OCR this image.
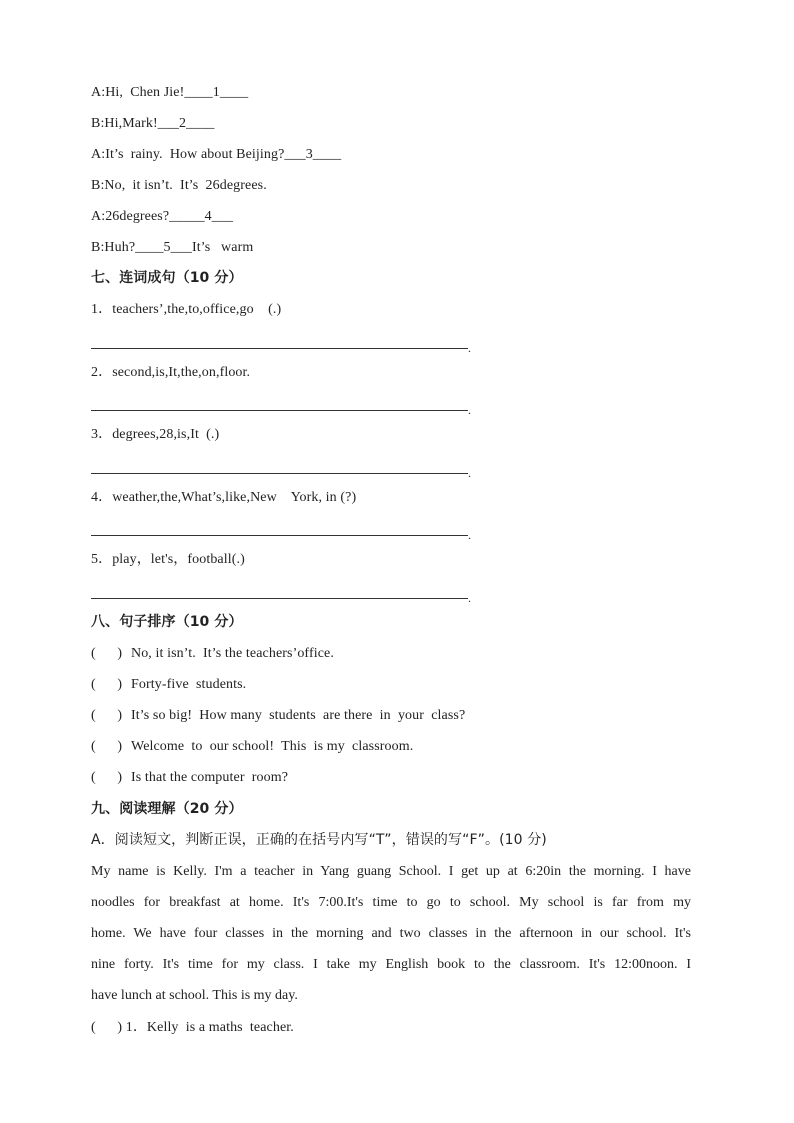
A:Hi,  Chen Jie!____1____
B:Hi,Mark!___2____
A:It’s  rainy.  How about Beijing?___3____
B:No,  it isn’t.  It’s  26degrees.
A:26degrees?_____4___
B:Huh?____5___It’s   warm
七、连词成句（10 分）
1．teachers’,the,to,office,go    (.)
.
2．second,is,It,the,on,floor.
.
3．degrees,28,is,It  (.)
.
4．weather,the,What’s,like,New    York, in (?)
.
5．play，let's，football(.)
.
八、句子排序（10 分）
(      ) No, it isn’t.  It’s the teachers’office.
(      ) Forty-five  students.
(      ) It’s so big!  How many  students  are there  in  your  class?
(      ) Welcome  to  our school!  This  is my  classroom.
(      ) Is that the computer  room?
九、阅读理解（20 分）
A．阅读短文，判断正误，正确的在括号内写“T”，错误的写“F”。(10 分)
My name is Kelly. I'm a teacher in Yang guang School. I get up at 6:20in the morning. I have
noodles for breakfast at home. It's 7:00.It's time to go to school. My school is far from my
home. We have four classes in the morning and two classes in the afternoon in our school. It's
nine forty. It's time for my class. I take my English book to the classroom. It's 12:00noon. I
have lunch at school. This is my day.
(      ) 1．Kelly  is a maths  teacher.
